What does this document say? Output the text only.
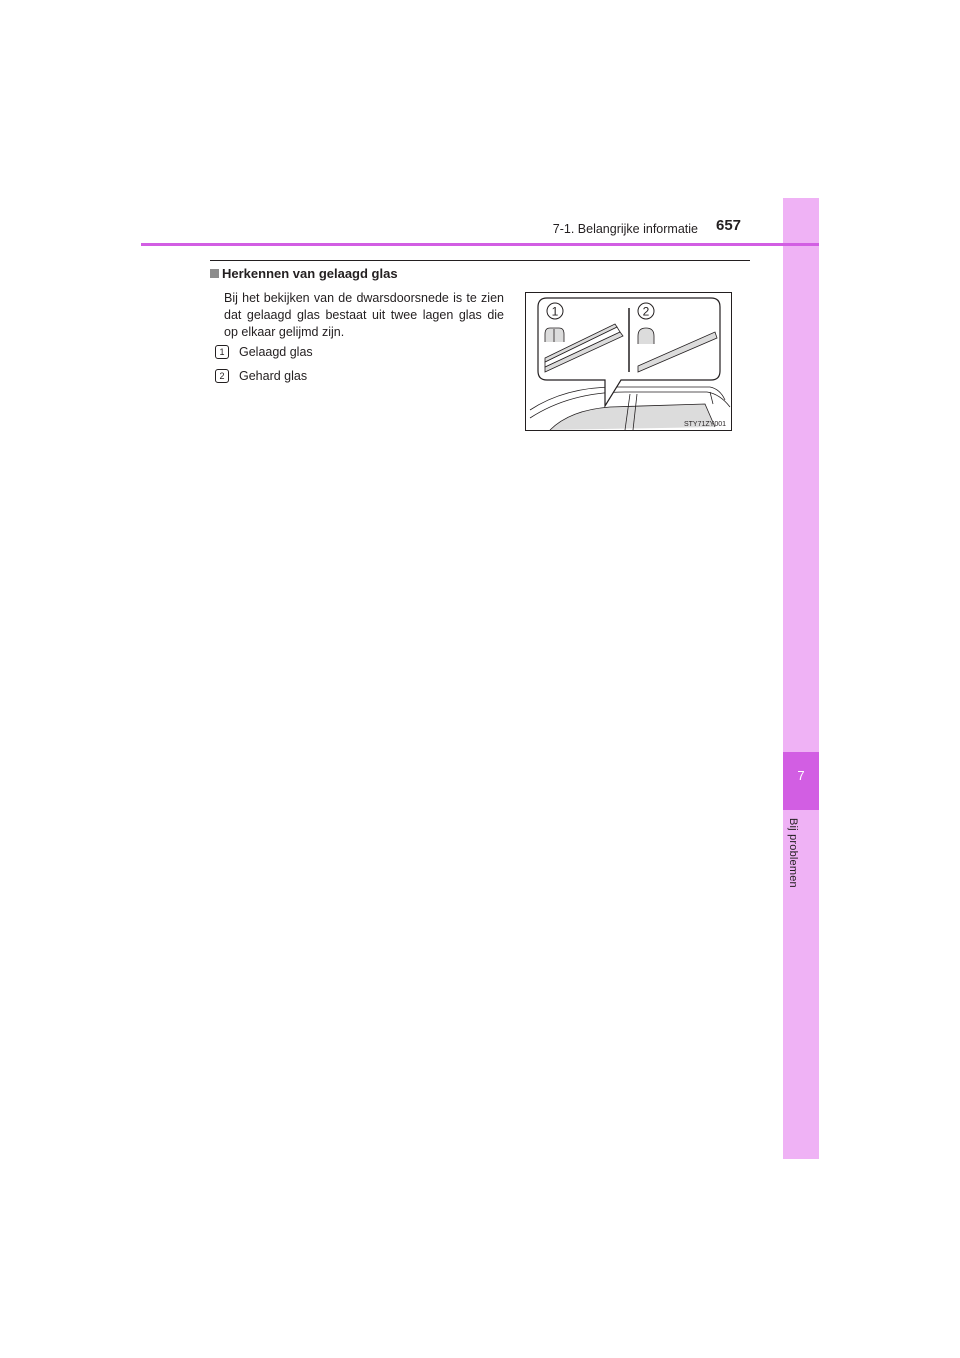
7
Bij problemen
7-1. Belangrijke informatie 657
Herkennen van gelaagd glas
Bij het bekijken van de dwarsdoorsnede is te zien dat gelaagd glas bestaat uit twee lagen glas die op elkaar gelijmd zijn.
1	Gelaagd glas
2	Gehard glas
1	2
STY71ZY001
